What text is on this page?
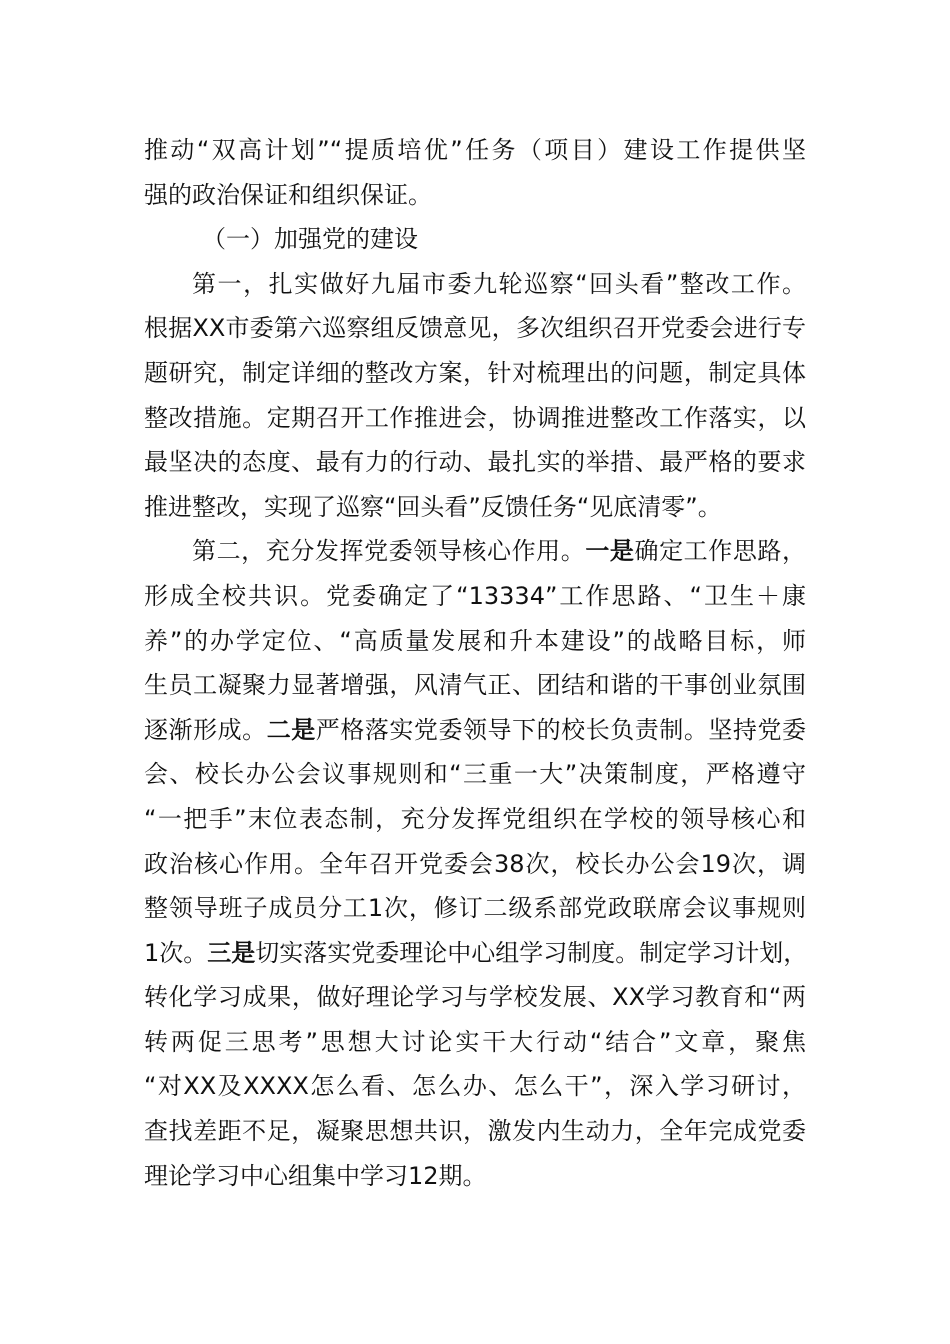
推动“双高计划”“提质培优”任务（项目）建设工作提供坚
强的政治保证和组织保证。
（一）加强党的建设
第一，扎实做好九届市委九轮巡察“回头看”整改工作。
根据XX市委第六巡察组反馈意见，多次组织召开党委会进行专
题研究，制定详细的整改方案，针对梳理出的问题，制定具体
整改措施。定期召开工作推进会，协调推进整改工作落实，以
最坚决的态度、最有力的行动、最扎实的举措、最严格的要求
推进整改，实现了巡察“回头看”反馈任务“见底清零”。
第二，充分发挥党委领导核心作用。一是确定工作思路，
形成全校共识。党委确定了“13334”工作思路、“卫生＋康
养”的办学定位、“高质量发展和升本建设”的战略目标，师
生员工凝聚力显著增强，风清气正、团结和谐的干事创业氛围
逐渐形成。二是严格落实党委领导下的校长负责制。坚持党委
会、校长办公会议事规则和“三重一大”决策制度，严格遵守
“一把手”末位表态制，充分发挥党组织在学校的领导核心和
政治核心作用。全年召开党委会38次，校长办公会19次，调
整领导班子成员分工1次，修订二级系部党政联席会议事规则
1次。三是切实落实党委理论中心组学习制度。制定学习计划，
转化学习成果，做好理论学习与学校发展、XX学习教育和“两
转两促三思考”思想大讨论实干大行动“结合”文章，聚焦
“对XX及XXXX怎么看、怎么办、怎么干”，深入学习研讨，
查找差距不足，凝聚思想共识，激发内生动力，全年完成党委
理论学习中心组集中学习12期。
